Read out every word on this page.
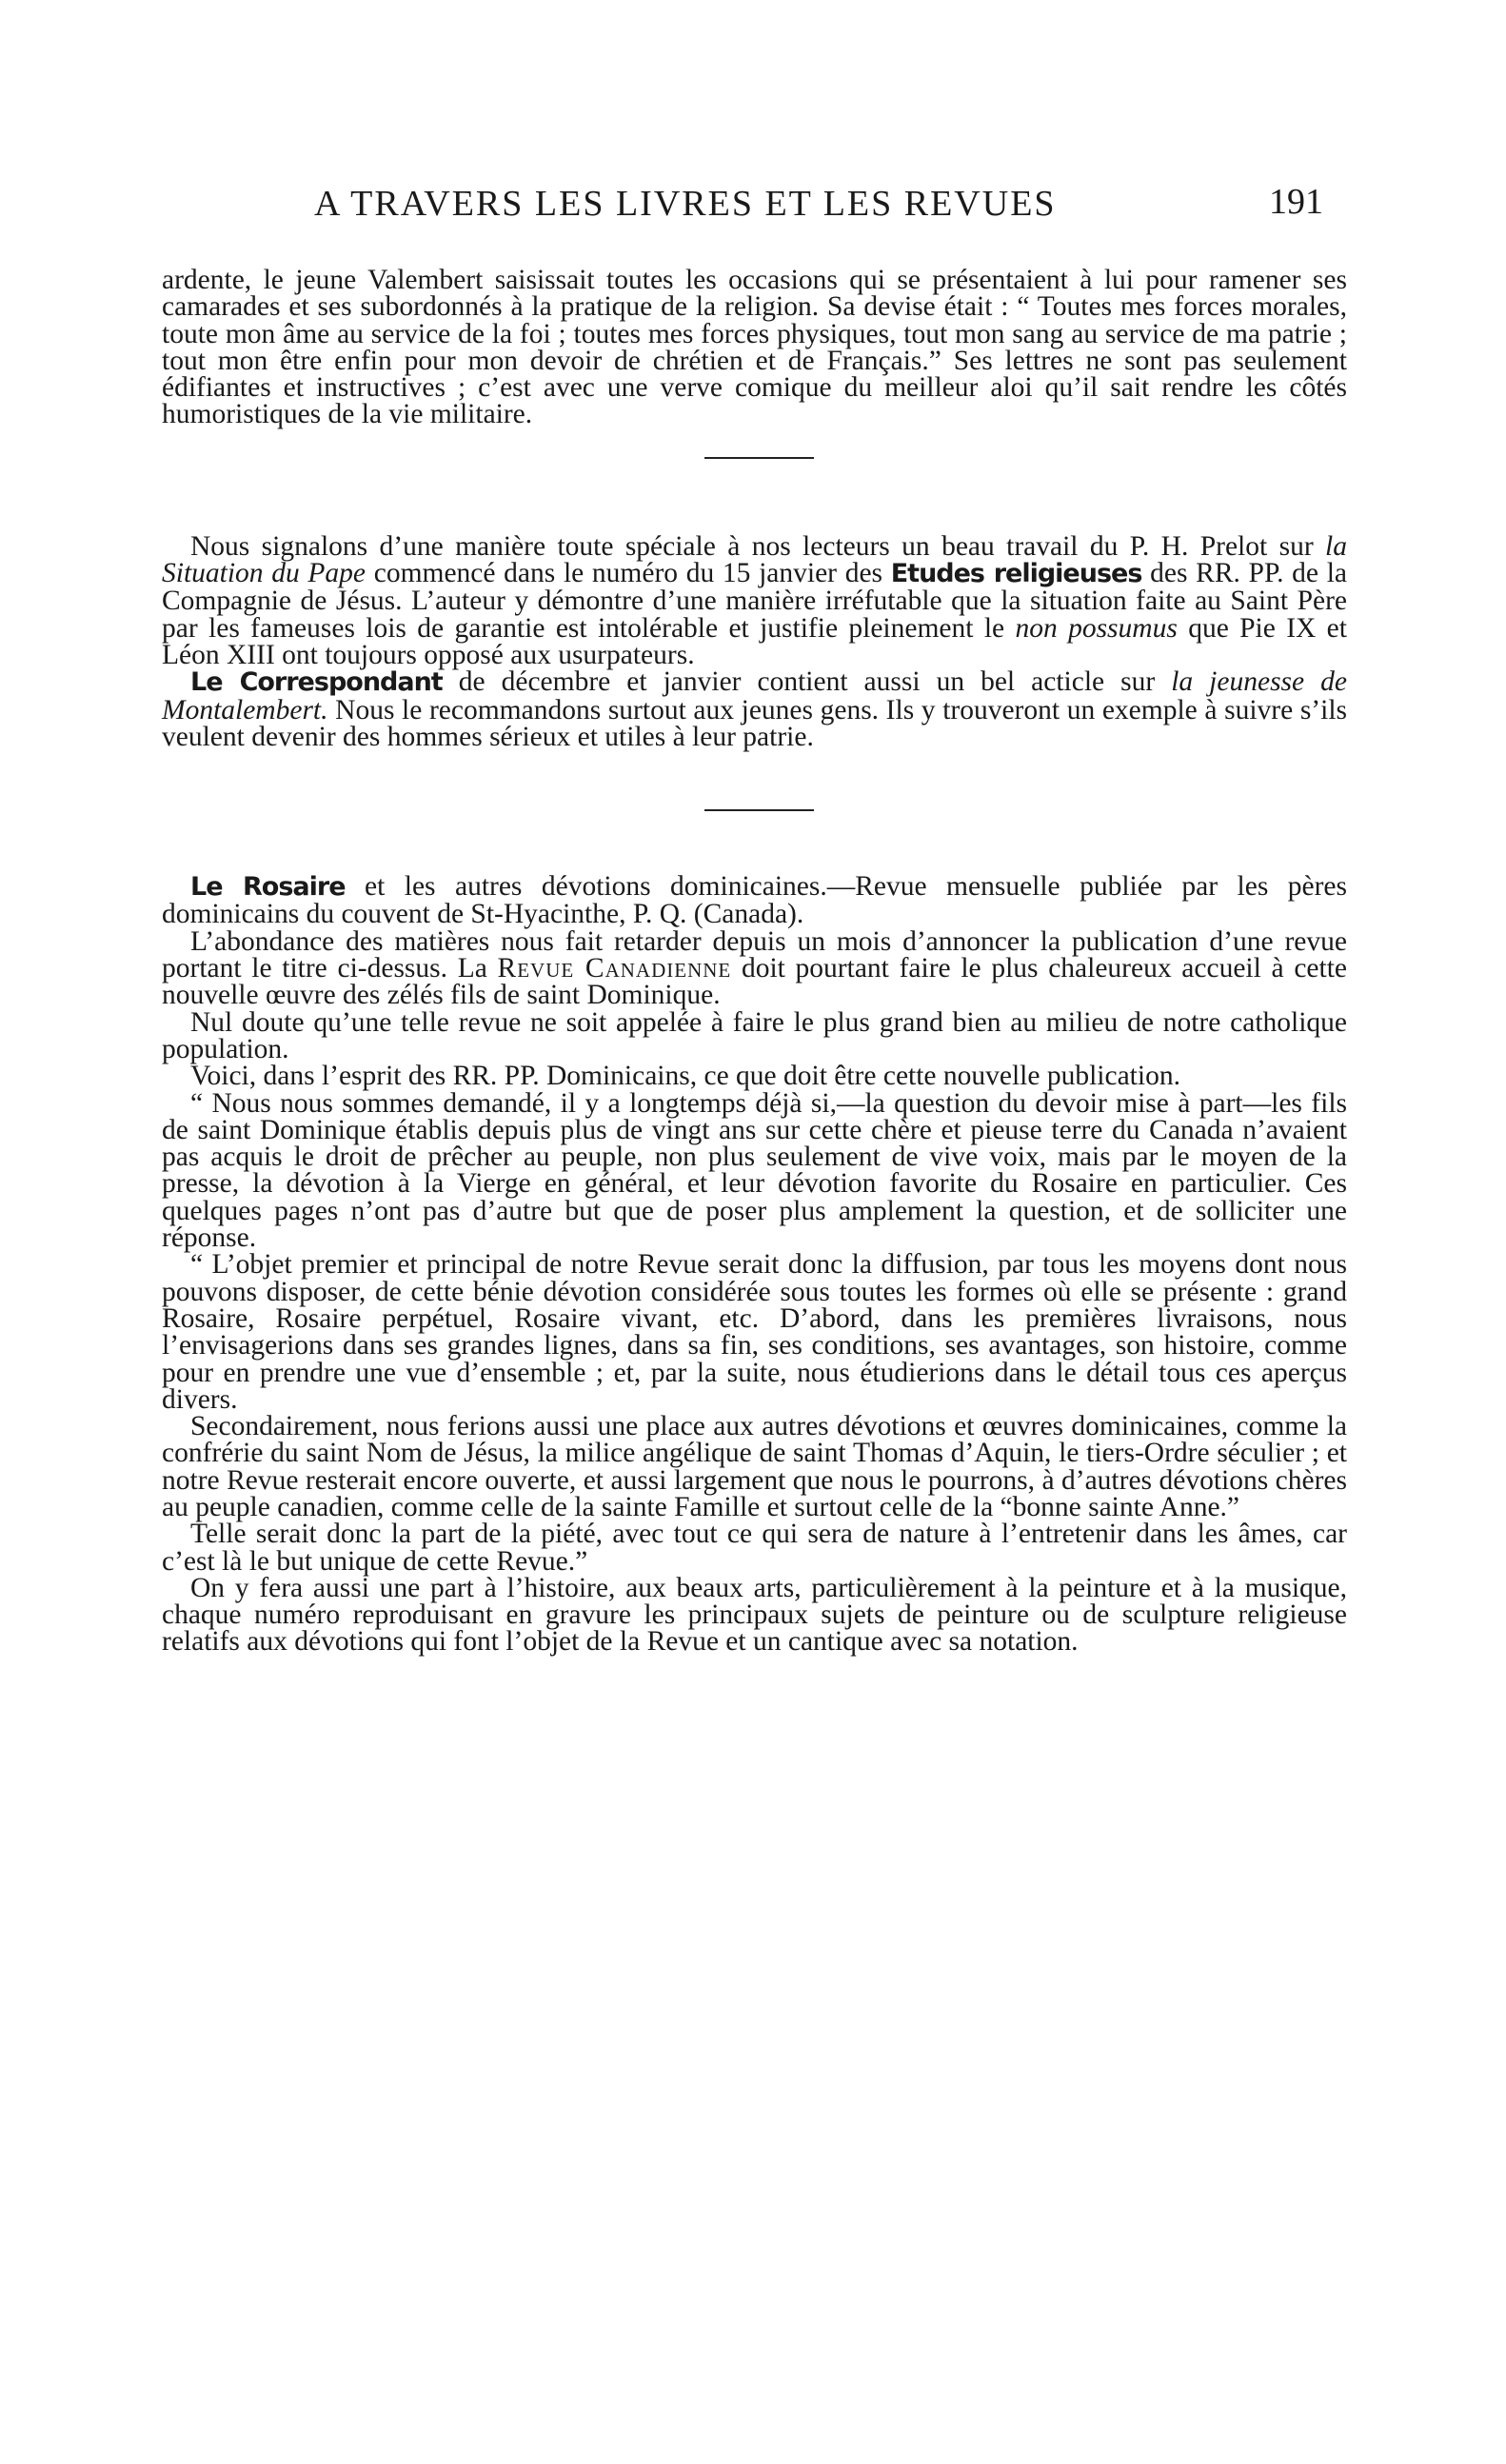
A TRAVERS LES LIVRES ET LES REVUES	191

ardente, le jeune Valembert saisissait toutes les occasions qui se présentaient à lui pour ramener ses camarades et ses subordonnés à la pratique de la religion. Sa devise était : “ Toutes mes forces morales, toute mon âme au service de la foi ; toutes mes forces physiques, tout mon sang au service de ma patrie ; tout mon être enfin pour mon devoir de chrétien et de Français.” Ses lettres ne sont pas seulement édifiantes et instructives ; c’est avec une verve comique du meilleur aloi qu’il sait rendre les côtés humoristiques de la vie militaire.

Nous signalons d’une manière toute spéciale à nos lecteurs un beau travail du P. H. Prelot sur la Situation du Pape commencé dans le numéro du 15 janvier des Etudes religieuses des RR. PP. de la Compagnie de Jésus. L’auteur y démontre d’une manière irréfutable que la situation faite au Saint Père par les fameuses lois de garantie est intolérable et justifie pleinement le non possumus que Pie IX et Léon XIII ont toujours opposé aux usurpateurs.

Le Correspondant de décembre et janvier contient aussi un bel acticle sur la jeunesse de Montalembert. Nous le recommandons surtout aux jeunes gens. Ils y trouveront un exemple à suivre s’ils veulent devenir des hommes sérieux et utiles à leur patrie.

Le Rosaire et les autres dévotions dominicaines.—Revue mensuelle publiée par les pères dominicains du couvent de St-Hyacinthe, P. Q. (Canada).

L’abondance des matières nous fait retarder depuis un mois d’annoncer la publication d’une revue portant le titre ci-dessus. La Revue Canadienne doit pourtant faire le plus chaleureux accueil à cette nouvelle œuvre des zélés fils de saint Dominique.

Nul doute qu’une telle revue ne soit appelée à faire le plus grand bien au milieu de notre catholique population.

Voici, dans l’esprit des RR. PP. Dominicains, ce que doit être cette nouvelle publication.

“ Nous nous sommes demandé, il y a longtemps déjà si,—la question du devoir mise à part—les fils de saint Dominique établis depuis plus de vingt ans sur cette chère et pieuse terre du Canada n’avaient pas acquis le droit de prêcher au peuple, non plus seulement de vive voix, mais par le moyen de la presse, la dévotion à la Vierge en général, et leur dévotion favorite du Rosaire en particulier. Ces quelques pages n’ont pas d’autre but que de poser plus amplement la question, et de solliciter une réponse.

“ L’objet premier et principal de notre Revue serait donc la diffusion, par tous les moyens dont nous pouvons disposer, de cette bénie dévotion considérée sous toutes les formes où elle se présente : grand Rosaire, Rosaire perpétuel, Rosaire vivant, etc. D’abord, dans les premières livraisons, nous l’envisagerions dans ses grandes lignes, dans sa fin, ses conditions, ses avantages, son histoire, comme pour en prendre une vue d’ensemble ; et, par la suite, nous étudierions dans le détail tous ces aperçus divers.

Secondairement, nous ferions aussi une place aux autres dévotions et œuvres dominicaines, comme la confrérie du saint Nom de Jésus, la milice angélique de saint Thomas d’Aquin, le tiers-Ordre séculier ; et notre Revue resterait encore ouverte, et aussi largement que nous le pourrons, à d’autres dévotions chères au peuple canadien, comme celle de la sainte Famille et surtout celle de la “bonne sainte Anne.”

Telle serait donc la part de la piété, avec tout ce qui sera de nature à l’entretenir dans les âmes, car c’est là le but unique de cette Revue.”

On y fera aussi une part à l’histoire, aux beaux arts, particulièrement à la peinture et à la musique, chaque numéro reproduisant en gravure les principaux sujets de peinture ou de sculpture religieuse relatifs aux dévotions qui font l’objet de la Revue et un cantique avec sa notation.
